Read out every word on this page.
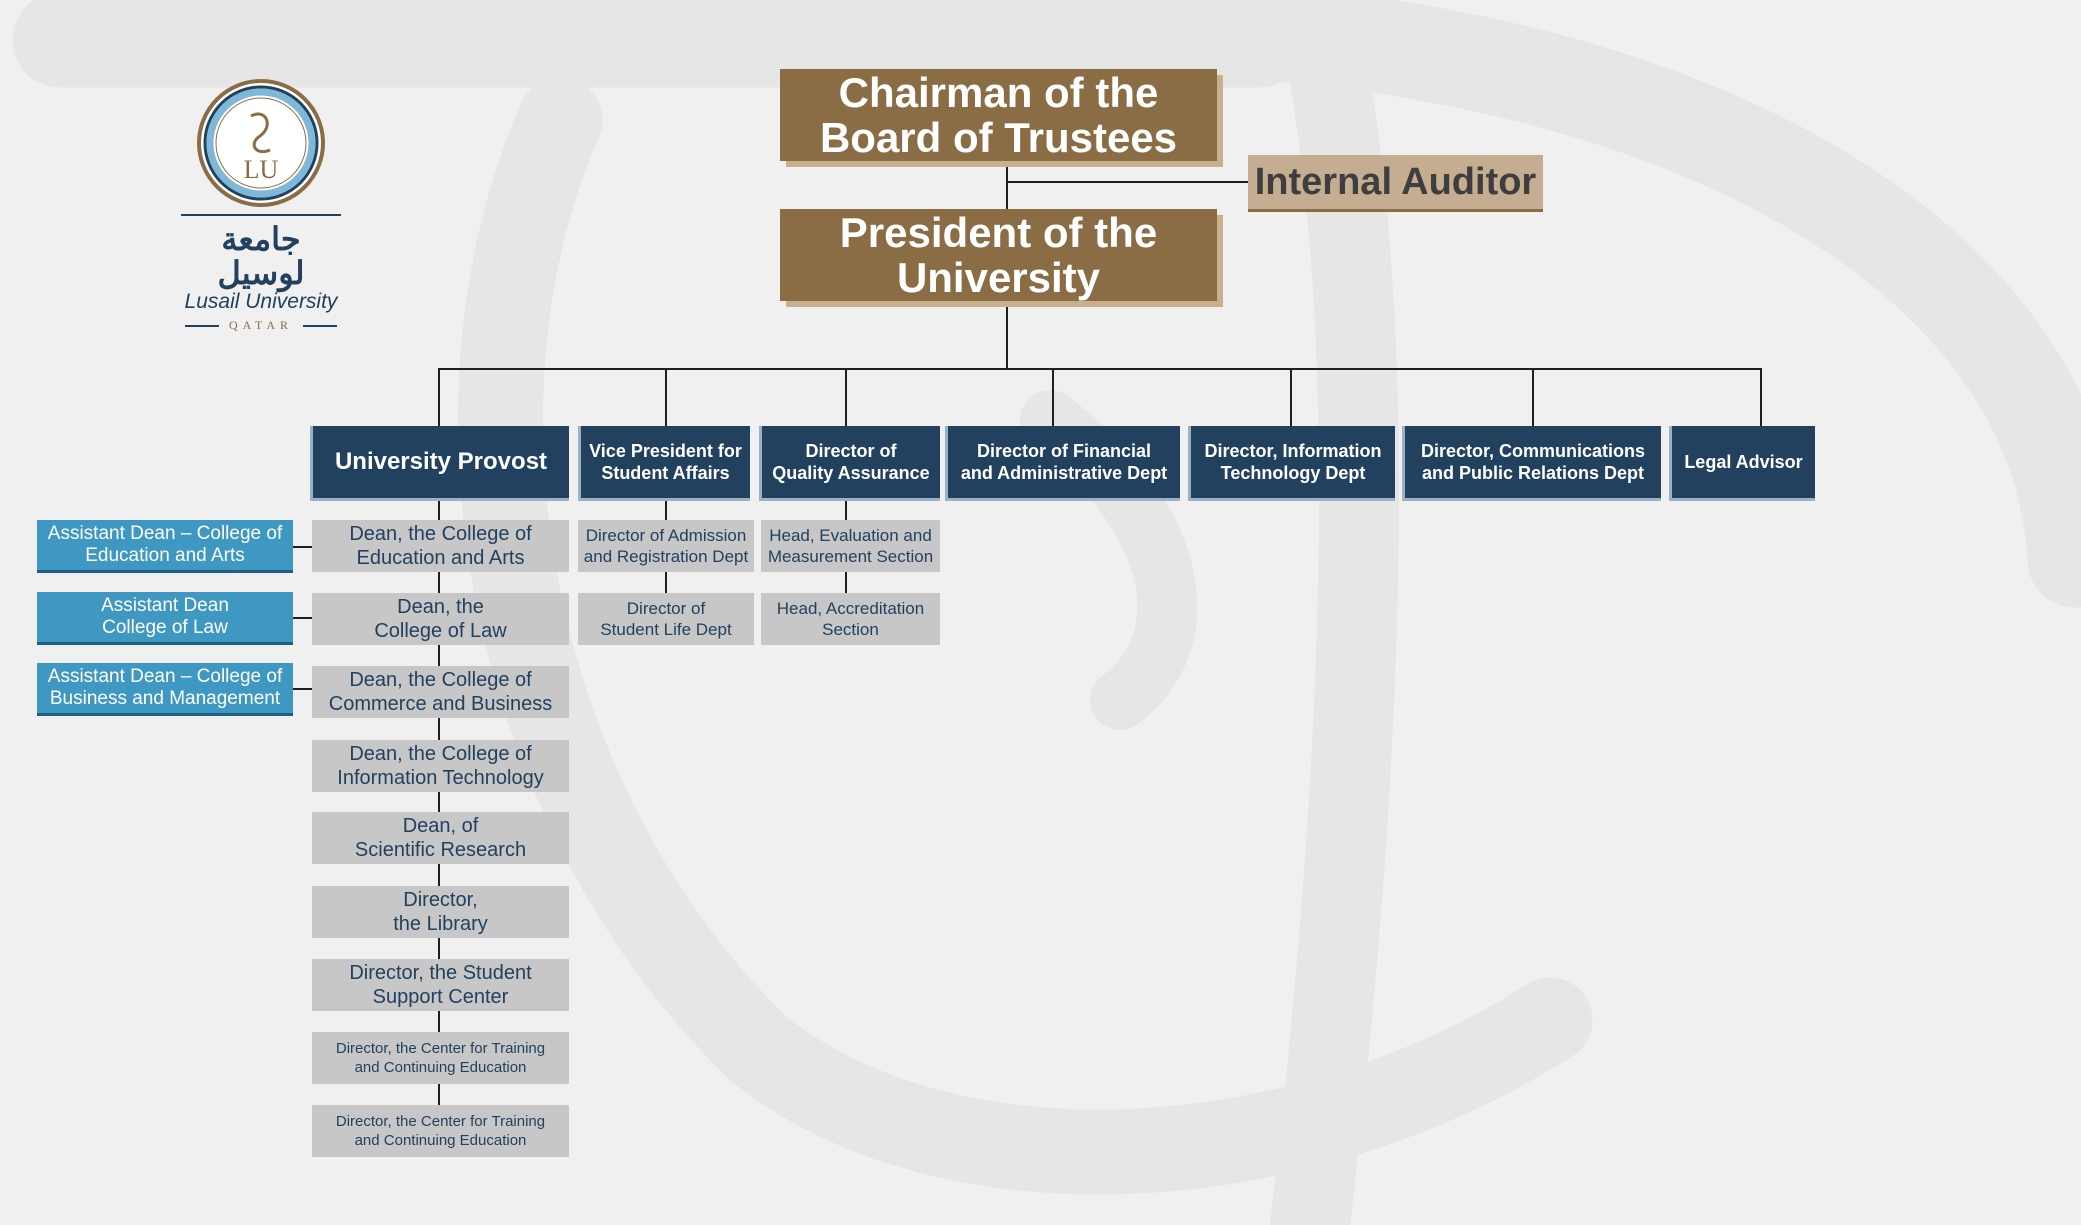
LU
جامعة لوسيل
Lusail University
QATAR
Chairman of the
Board of Trustees
Internal Auditor
President of the
University
University Provost	Vice President for
Student Affairs
Director of
Quality Assurance
Director of Financial
and Administrative Dept
Director, Information
Technology Dept
Director, Communications
and Public Relations Dept
Legal Advisor
Dean, the College of
Education and Arts
Dean, the
College of Law
Dean, the College of
Commerce and Business
Dean, the College of
Information Technology
Dean, of
Scientific Research
Director,
the Library
Director, the Student
Support Center
Director, the Center for Training
and Continuing Education
Director, the Center for Training
and Continuing Education
Assistant Dean – College of
Education and Arts
Assistant Dean
College of Law
Assistant Dean – College of
Business and Management
Director of Admission
and Registration Dept
Director of
Student Life Dept
Head, Evaluation and
Measurement Section
Head, Accreditation
Section
